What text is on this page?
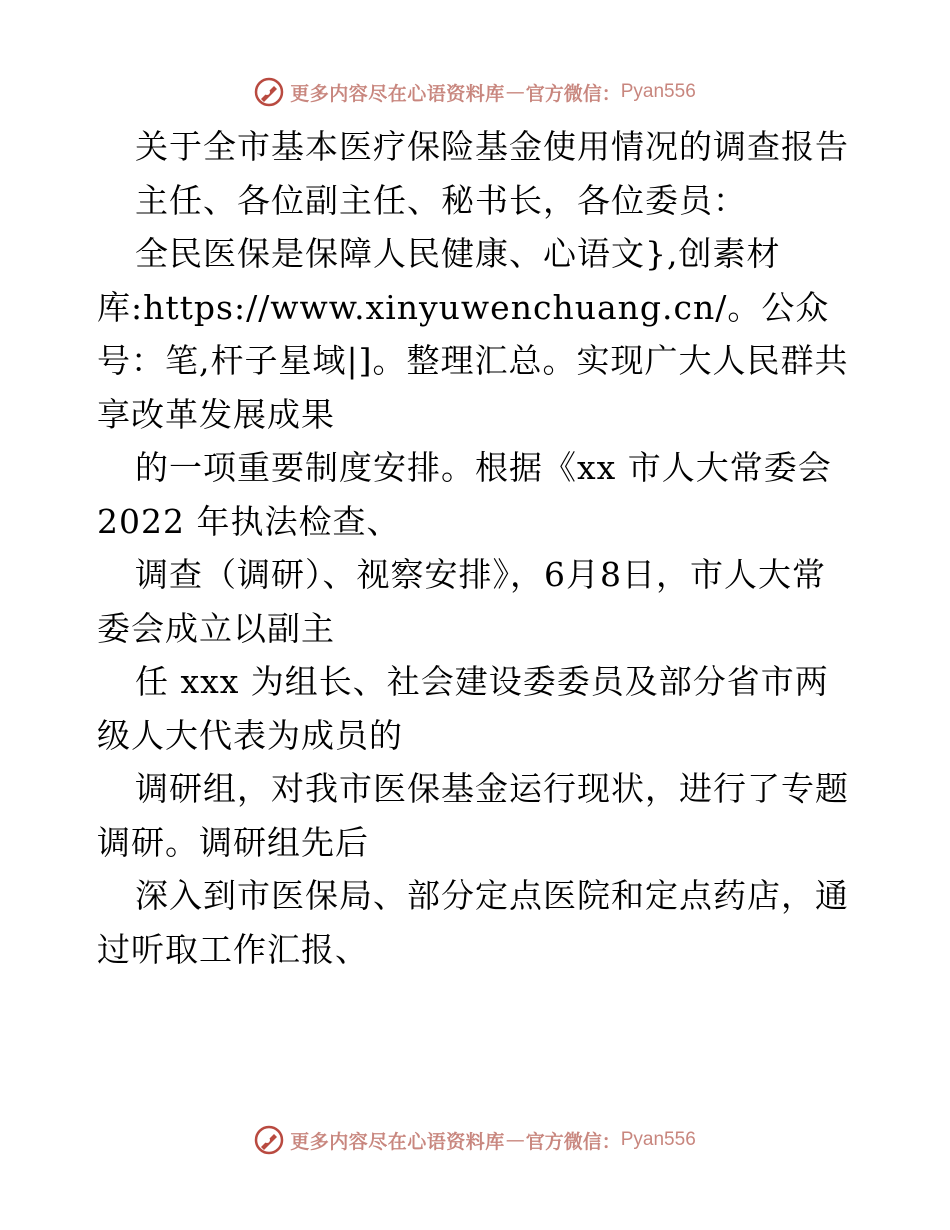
更多内容尽在心语资料库 — 官方微信： Pyan556

关于全市基本医疗保险基金使用情况的调查报告

主任、各位副主任、秘书长，各位委员：

全民医保是保障人民健康、心语文},创素材库:https://www.xinyuwenchuang.cn/。公众号：笔,杆子星域|]。整理汇总。实现广大人民群共享改革发展成果

的一项重要制度安排。根据《xx 市人大常委会 2022 年执法检查、

调查（调研）、视察安排》，6月8日，市人大常委会成立以副主

任 xxx 为组长、社会建设委委员及部分省市两级人大代表为成员的

调研组，对我市医保基金运行现状，进行了专题调研。调研组先后

深入到市医保局、部分定点医院和定点药店，通过听取工作汇报、

更多内容尽在心语资料库 — 官方微信： Pyan556
